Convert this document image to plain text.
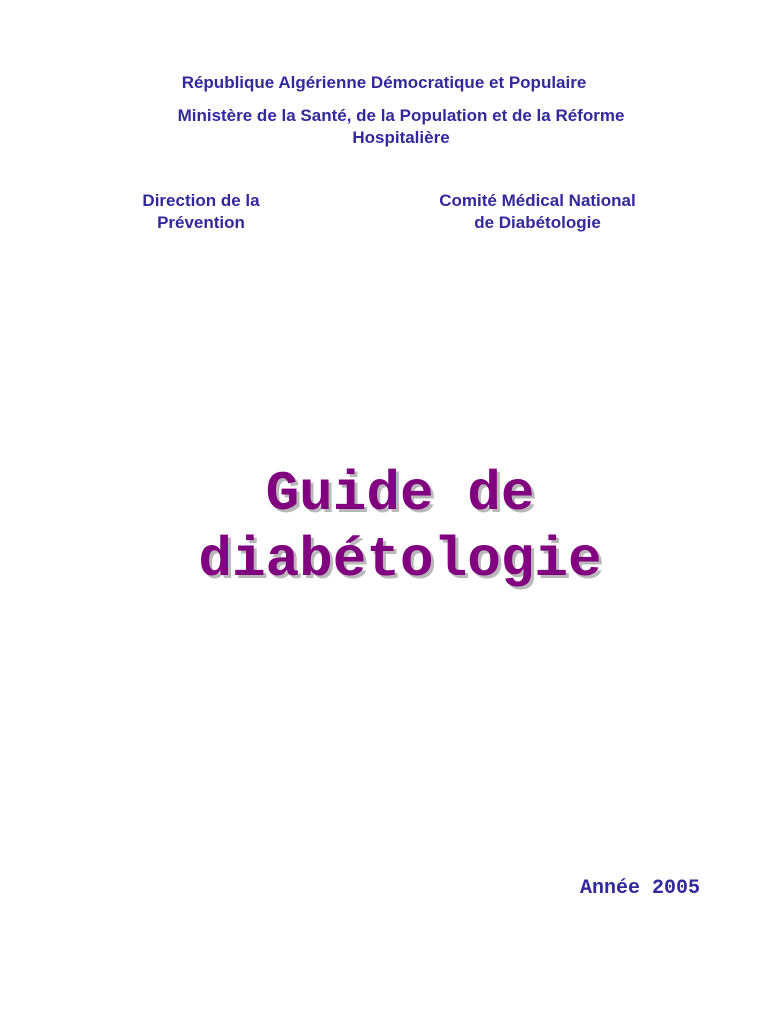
République Algérienne Démocratique et Populaire
Ministère de la Santé, de la Population et de la Réforme
Hospitalière
Direction de la
Prévention
Comité Médical National
de Diabétologie
Guide de
diabétologie
Année 2005
